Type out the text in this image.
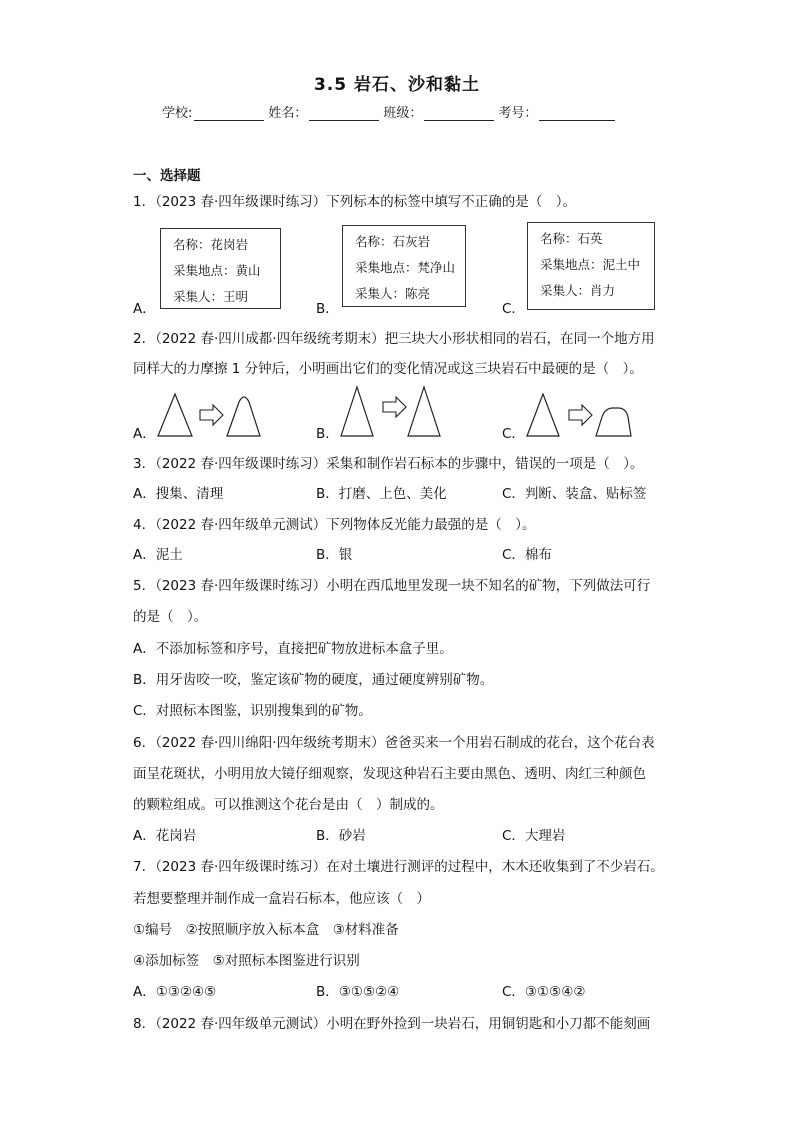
3.5 岩石、沙和黏土
学校:	姓名：	班级：	考号：
一、选择题
1．（2023 春·四年级课时练习）下列标本的标签中填写不正确的是（　）。
名称：花岗岩
采集地点：黄山
采集人：王明
A．
名称：石灰岩
采集地点：梵净山
采集人：陈亮
B．
名称：石英
采集地点：泥土中
采集人：肖力
C．
2．（2022 春·四川成都·四年级统考期末）把三块大小形状相同的岩石，在同一个地方用
同样大的力摩擦 1 分钟后，小明画出它们的变化情况或这三块岩石中最硬的是（　）。
A．	B．	C．
3．（2022 春·四年级课时练习）采集和制作岩石标本的步骤中，错误的一项是（　）。
A．搜集、清理	B．打磨、上色、美化	C．判断、装盒、贴标签
4．（2022 春·四年级单元测试）下列物体反光能力最强的是（　）。
A．泥土	B．银	C．棉布
5．（2023 春·四年级课时练习）小明在西瓜地里发现一块不知名的矿物，下列做法可行
的是（　）。
A．不添加标签和序号，直接把矿物放进标本盒子里。
B．用牙齿咬一咬，鉴定该矿物的硬度，通过硬度辨别矿物。
C．对照标本图鉴，识别搜集到的矿物。
6．（2022 春·四川绵阳·四年级统考期末）爸爸买来一个用岩石制成的花台，这个花台表
面呈花斑状，小明用放大镜仔细观察，发现这种岩石主要由黑色、透明、肉红三种颜色
的颗粒组成。可以推测这个花台是由（　）制成的。
A．花岗岩	B．砂岩	C．大理岩
7．（2023 春·四年级课时练习）在对土壤进行测评的过程中，木木还收集到了不少岩石。
若想要整理并制作成一盒岩石标本，他应该（　）
①编号　②按照顺序放入标本盒　③材料准备
④添加标签　⑤对照标本图鉴进行识别
A．①③②④⑤	B．③①⑤②④	C．③①⑤④②
8．（2022 春·四年级单元测试）小明在野外捡到一块岩石，用铜钥匙和小刀都不能刻画
